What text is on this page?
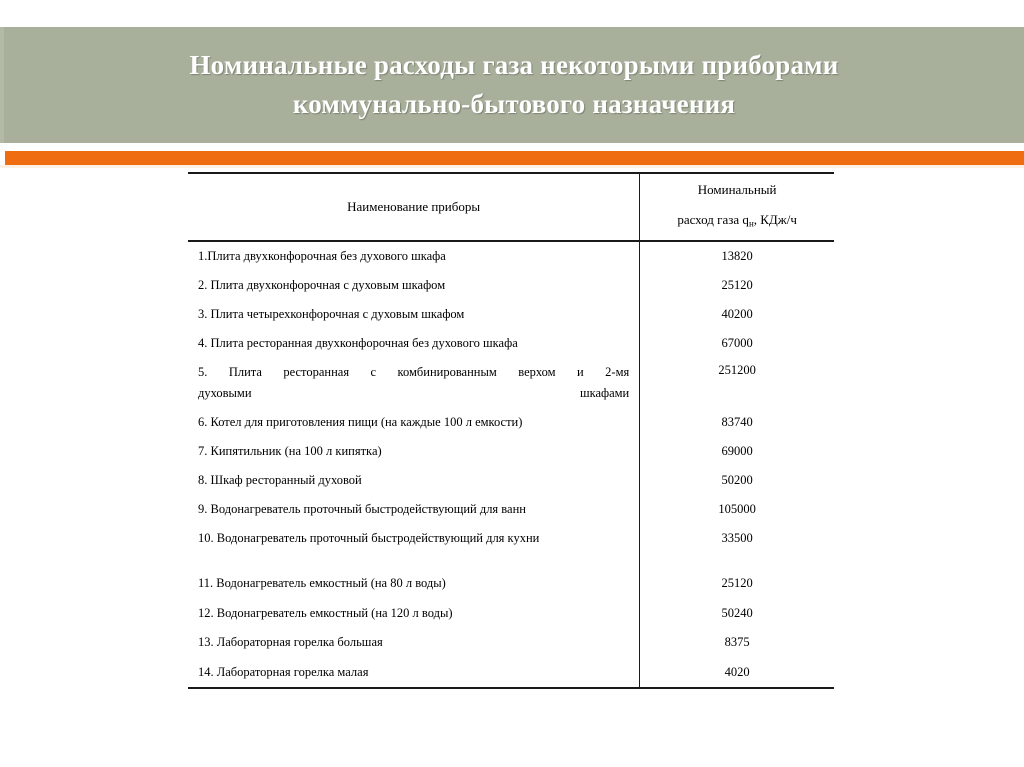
Номинальные расходы газа некоторыми приборами
коммунально-бытового назначения
Наименование приборы	Номинальный
расход газа $q_н$, КДж/ч

1.Плита двухконфорочная без духового шкафа	13820
2. Плита двухконфорочная с духовым шкафом	25120
3. Плита четырехконфорочная с духовым шкафом	40200
4. Плита ресторанная двухконфорочная без духового шкафа	67000

5. Плита ресторанная с комбинированным верхом и 2-мя
духовыми шкафами	251200
6. Котел для приготовления пищи (на каждые 100 л емкости)	83740
7. Кипятильник (на 100 л кипятка)	69000
8. Шкаф ресторанный духовой	50200
9. Водонагреватель проточный быстродействующий для ванн	105000
10. Водонагреватель проточный быстродействующий для кухни	33500
11. Водонагреватель емкостный (на 80 л воды)	25120
12. Водонагреватель емкостный (на 120 л воды)	50240
13. Лабораторная горелка большая	8375
14. Лабораторная горелка малая	4020
